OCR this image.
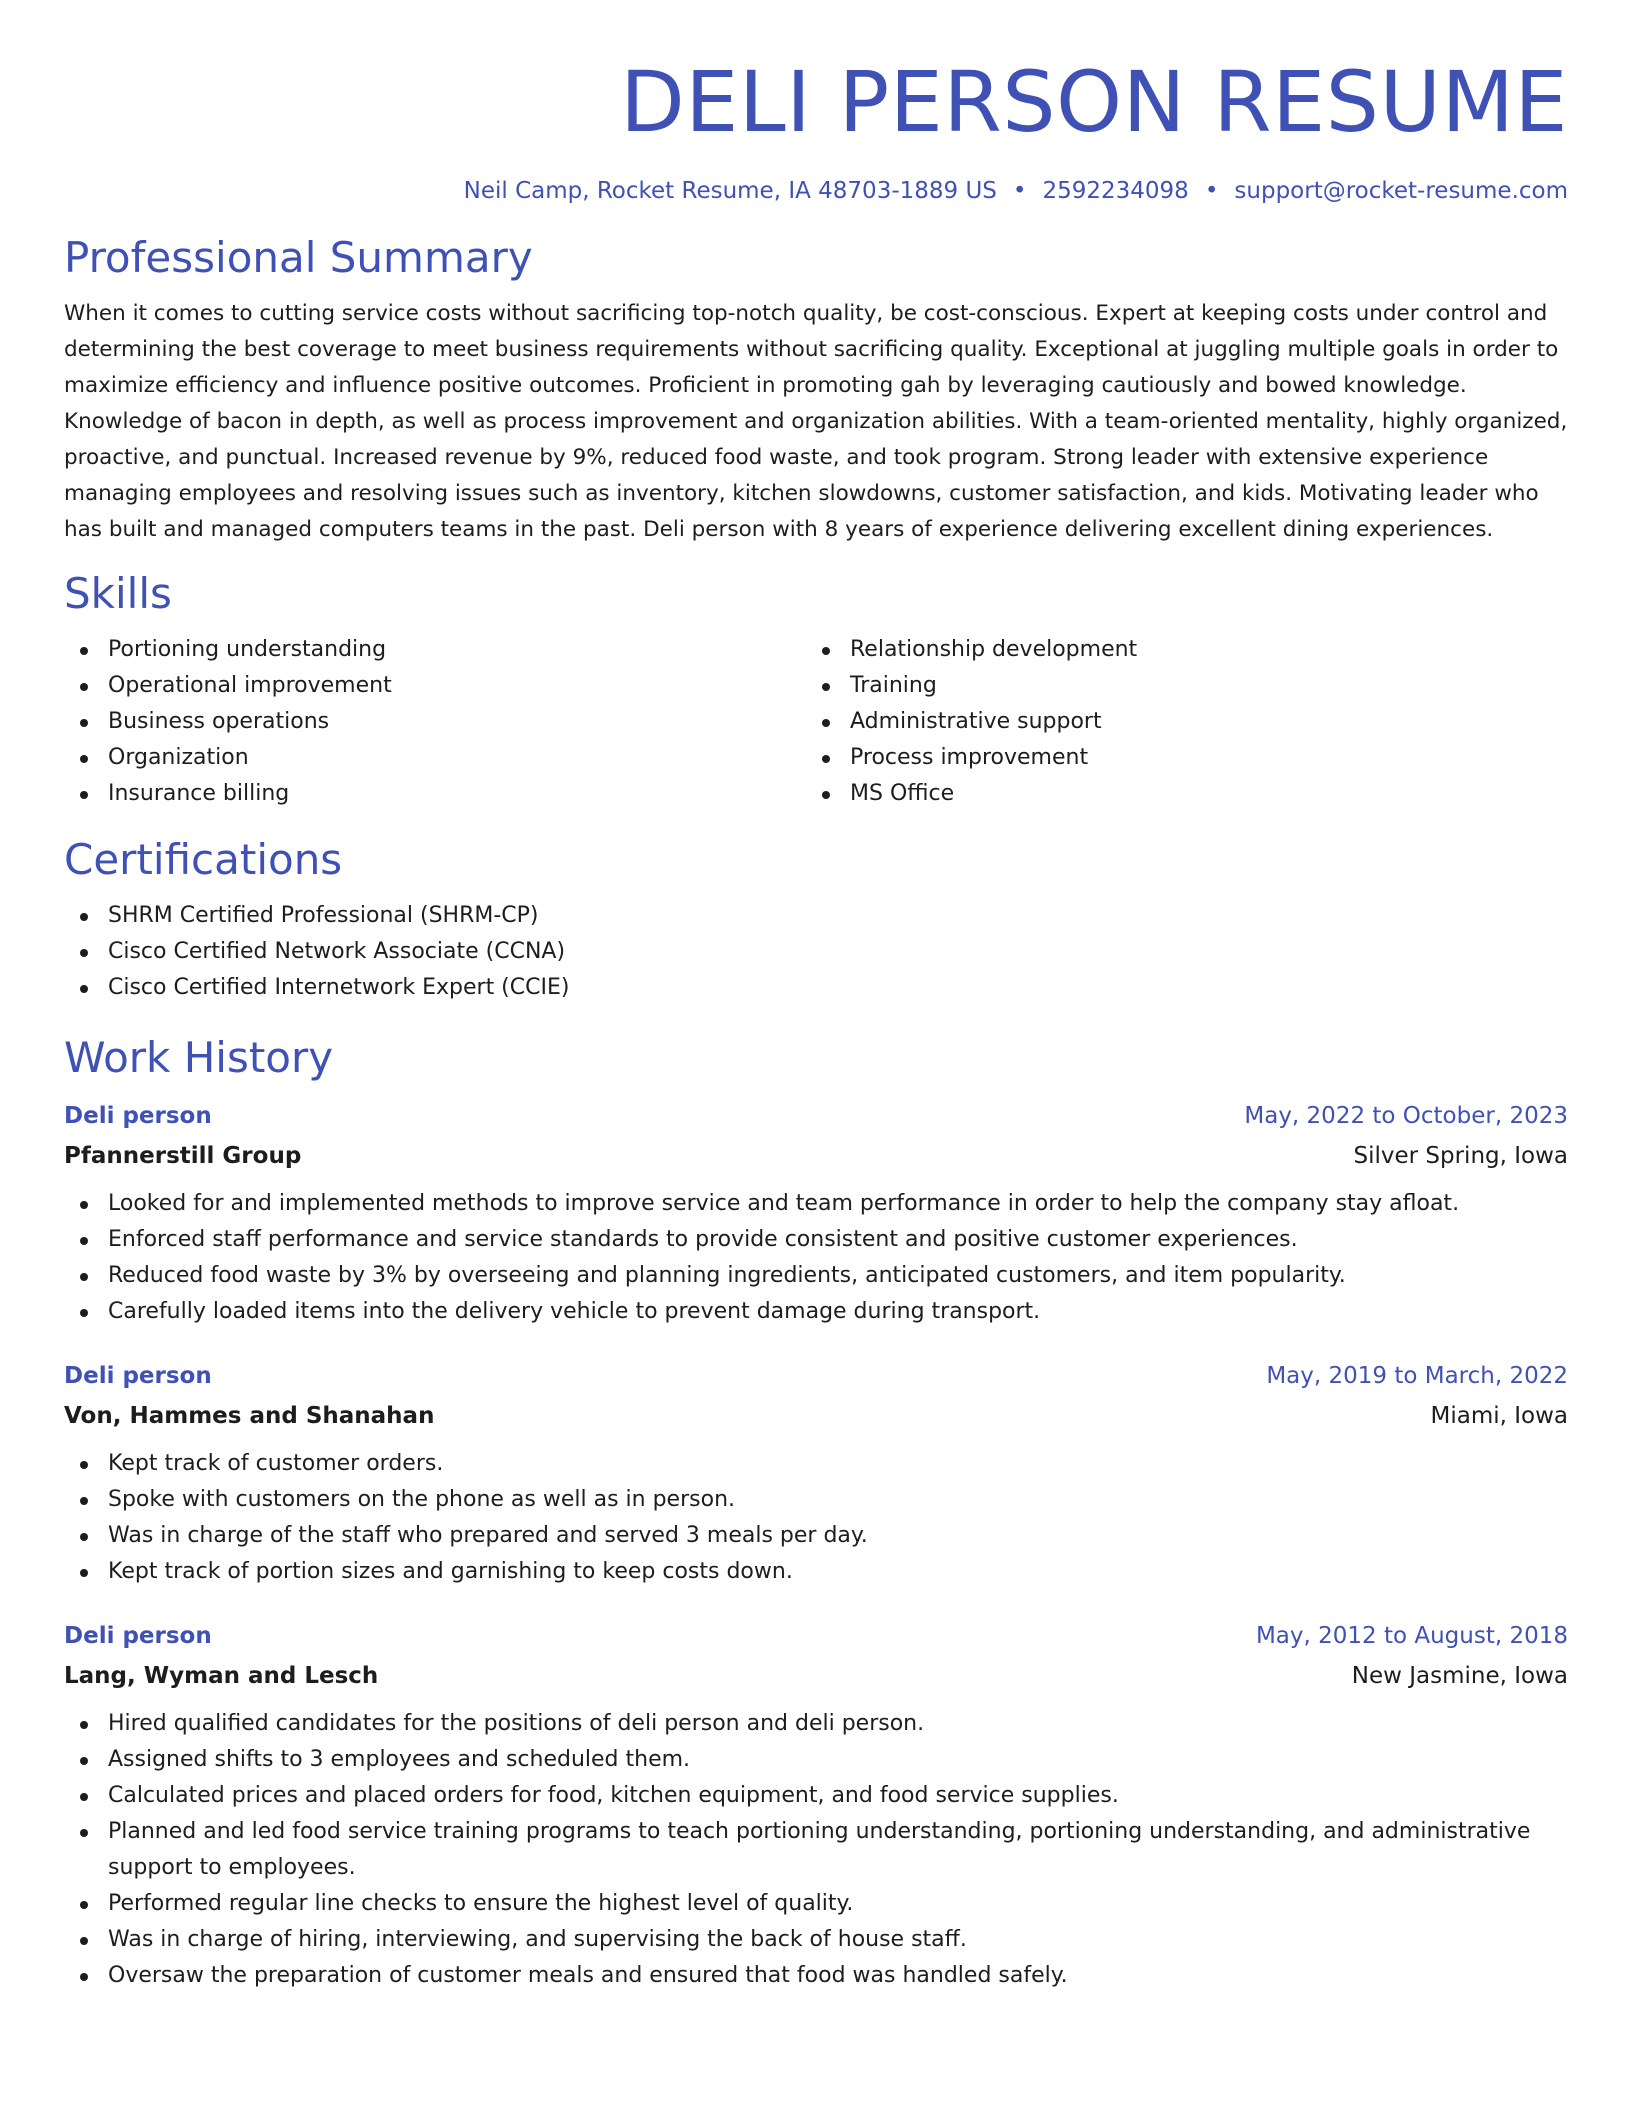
DELI PERSON RESUME
Neil Camp, Rocket Resume, IA 48703-1889 US • 2592234098 • support@rocket-resume.com
Professional Summary

When it comes to cutting service costs without sacrificing top-notch quality, be cost-conscious. Expert at keeping costs under control and determining the best coverage to meet business requirements without sacrificing quality. Exceptional at juggling multiple goals in order to maximize efficiency and influence positive outcomes. Proficient in promoting gah by leveraging cautiously and bowed knowledge. Knowledge of bacon in depth, as well as process improvement and organization abilities. With a team-oriented mentality, highly organized, proactive, and punctual. Increased revenue by 9%, reduced food waste, and took program. Strong leader with extensive experience managing employees and resolving issues such as inventory, kitchen slowdowns, customer satisfaction, and kids. Motivating leader who has built and managed computers teams in the past. Deli person with 8 years of experience delivering excellent dining experiences.

Skills
Portioning understanding
Operational improvement
Business operations
Organization
Insurance billing
Relationship development
Training
Administrative support
Process improvement
MS Office
Certifications
SHRM Certified Professional (SHRM-CP)
Cisco Certified Network Associate (CCNA)
Cisco Certified Internetwork Expert (CCIE)
Work History
Deli person	May, 2022 to October, 2023
Pfannerstill Group	Silver Spring, Iowa
Looked for and implemented methods to improve service and team performance in order to help the company stay afloat.
Enforced staff performance and service standards to provide consistent and positive customer experiences.
Reduced food waste by 3% by overseeing and planning ingredients, anticipated customers, and item popularity.
Carefully loaded items into the delivery vehicle to prevent damage during transport.
Deli person	May, 2019 to March, 2022
Von, Hammes and Shanahan	Miami, Iowa
Kept track of customer orders.
Spoke with customers on the phone as well as in person.
Was in charge of the staff who prepared and served 3 meals per day.
Kept track of portion sizes and garnishing to keep costs down.
Deli person	May, 2012 to August, 2018
Lang, Wyman and Lesch	New Jasmine, Iowa
Hired qualified candidates for the positions of deli person and deli person.
Assigned shifts to 3 employees and scheduled them.
Calculated prices and placed orders for food, kitchen equipment, and food service supplies.
Planned and led food service training programs to teach portioning understanding, portioning understanding, and administrative support to employees.
Performed regular line checks to ensure the highest level of quality.
Was in charge of hiring, interviewing, and supervising the back of house staff.
Oversaw the preparation of customer meals and ensured that food was handled safely.
